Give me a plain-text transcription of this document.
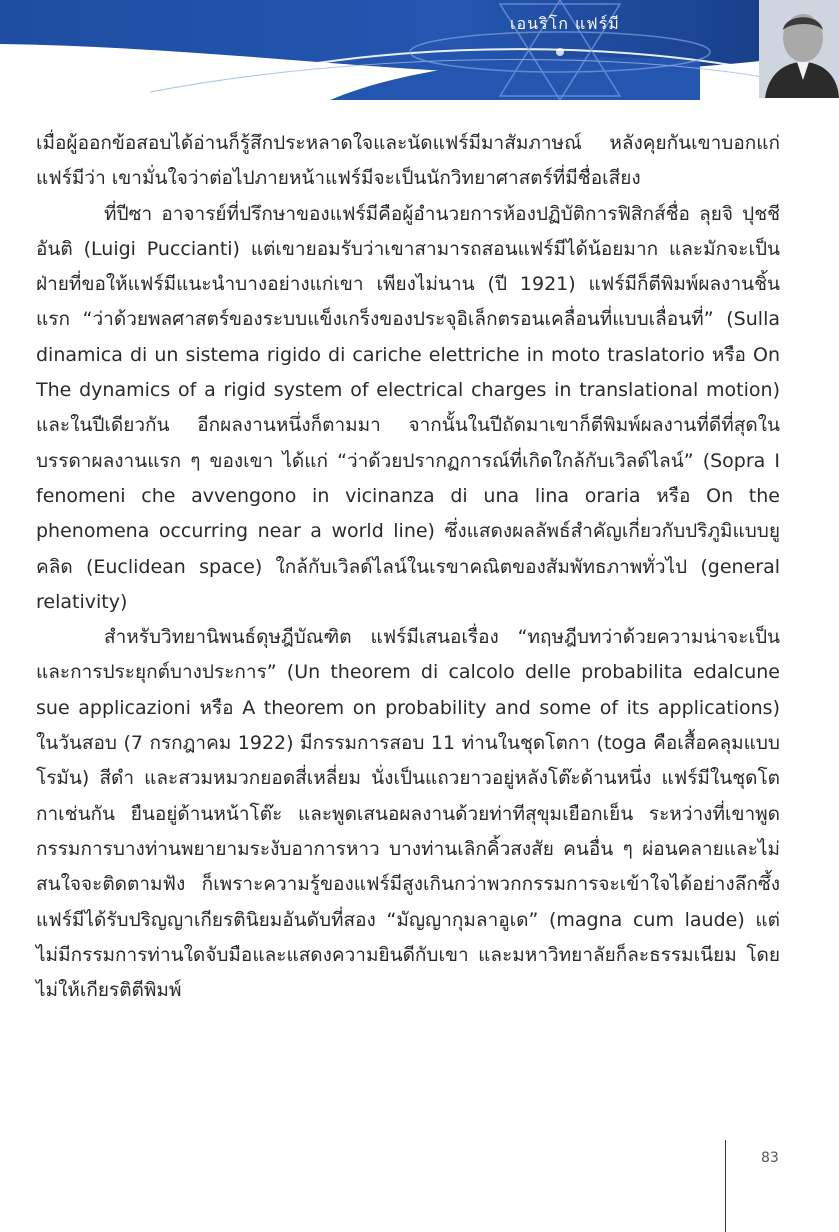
เอนริโก แฟร์มี

เมื่อผู้ออกข้อสอบได้อ่านก็รู้สึกประหลาดใจและนัดแฟร์มีมาสัมภาษณ์ หลังคุยกันเขาบอกแก่แฟร์มีว่า เขามั่นใจว่าต่อไปภายหน้าแฟร์มีจะเป็นนักวิทยาศาสตร์ที่มีชื่อเสียง

ที่ปีซา อาจารย์ที่ปรึกษาของแฟร์มีคือผู้อำนวยการห้องปฏิบัติการฟิสิกส์ชื่อ ลุยจิ ปุชชีอันติ (Luigi Puccianti) แต่เขายอมรับว่าเขาสามารถสอนแฟร์มีได้น้อยมาก และมักจะเป็นฝ่ายที่ขอให้แฟร์มีแนะนำบางอย่างแก่เขา เพียงไม่นาน (ปี 1921) แฟร์มีก็ตีพิมพ์ผลงานชิ้นแรก “ว่าด้วยพลศาสตร์ของระบบแข็งเกร็งของประจุอิเล็กตรอนเคลื่อนที่แบบเลื่อนที่” (Sulla dinamica di un sistema rigido di cariche elettriche in moto traslatorio หรือ On The dynamics of a rigid system of electrical charges in translational motion) และในปีเดียวกัน อีกผลงานหนึ่งก็ตามมา จากนั้นในปีถัดมาเขาก็ตีพิมพ์ผลงานที่ดีที่สุดในบรรดาผลงานแรก ๆ ของเขา ได้แก่ “ว่าด้วยปรากฏการณ์ที่เกิดใกล้กับเวิลด์ไลน์” (Sopra I fenomeni che avvengono in vicinanza di una lina oraria หรือ On the phenomena occurring near a world line) ซึ่งแสดงผลลัพธ์สำคัญเกี่ยวกับปริภูมิแบบยูคลิด (Euclidean space) ใกล้กับเวิลด์ไลน์ในเรขาคณิตของสัมพัทธภาพทั่วไป (general relativity)

สำหรับวิทยานิพนธ์ดุษฎีบัณฑิต แฟร์มีเสนอเรื่อง “ทฤษฎีบทว่าด้วยความน่าจะเป็นและการประยุกต์บางประการ” (Un theorem di calcolo delle probabilita edalcune sue applicazioni หรือ A theorem on probability and some of its applications) ในวันสอบ (7 กรกฎาคม 1922) มีกรรมการสอบ 11 ท่านในชุดโตกา (toga คือเสื้อคลุมแบบโรมัน) สีดำ และสวมหมวกยอดสี่เหลี่ยม นั่งเป็นแถวยาวอยู่หลังโต๊ะด้านหนึ่ง แฟร์มีในชุดโตกาเช่นกัน ยืนอยู่ด้านหน้าโต๊ะ และพูดเสนอผลงานด้วยท่าทีสุขุมเยือกเย็น ระหว่างที่เขาพูด กรรมการบางท่านพยายามระงับอาการหาว บางท่านเลิกคิ้วสงสัย คนอื่น ๆ ผ่อนคลายและไม่สนใจจะติดตามฟัง ก็เพราะความรู้ของแฟร์มีสูงเกินกว่าพวกกรรมการจะเข้าใจได้อย่างลึกซึ้ง แฟร์มีได้รับปริญญาเกียรตินิยมอันดับที่สอง “มัญญากุมลาอูเด” (magna cum laude) แต่ไม่มีกรรมการท่านใดจับมือและแสดงความยินดีกับเขา และมหาวิทยาลัยก็ละธรรมเนียม โดยไม่ให้เกียรติตีพิมพ์

83
